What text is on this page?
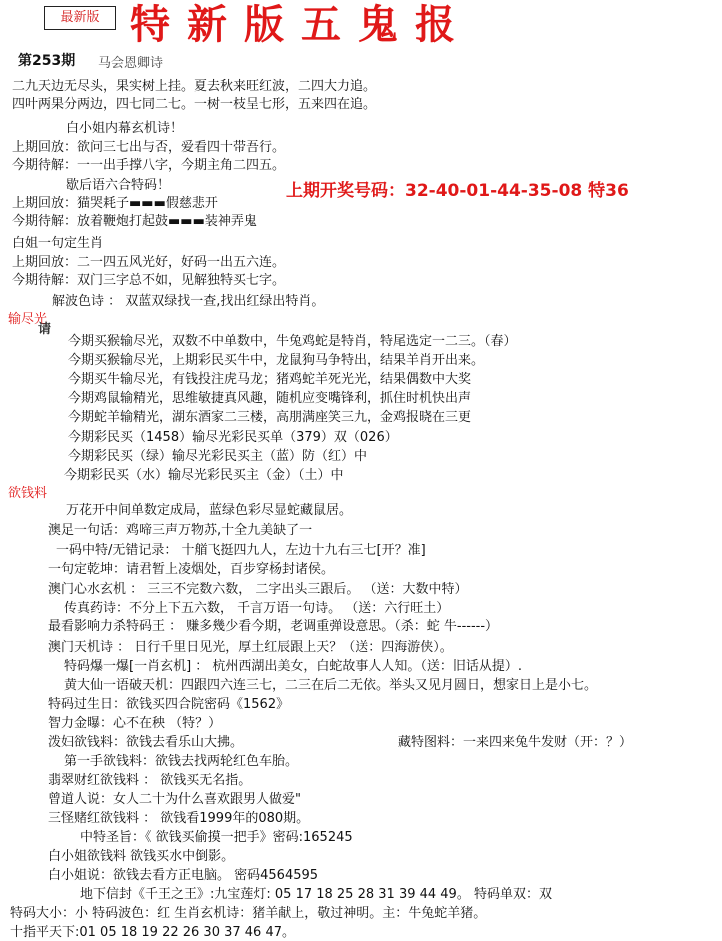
最新版 特新版五鬼报
第253期 马会恩卿诗
二九天边无尽头，果实树上挂。夏去秋来旺红波，二四大力追。
四叶两果分两边，四七同二七。一树一枝呈七形，五来四在追。
白小姐内幕玄机诗！
上期回放：欲问三七出与否，爱看四十带吾行。
今期待解：一一出手撑八字，今期主角二四五。
歇后语六合特码！
上期回放：猫哭耗子▬▬▬假慈悲开
今期待解：放着鞭炮打起鼓▬▬▬装神弄鬼
白姐一句定生肖
上期回放：二一四五风光好，好码一出五六连。
今期待解：双门三字总不如，见解独特买七字。
解波色诗 ： 双蓝双绿找一查,找出红绿出特肖。
上期开奖号码：32-40-01-44-35-08 特36
输尽光
请
今期买猴输尽光，双数不中单数中，牛兔鸡蛇是特肖，特尾选定一二三。（春）
今期买猴输尽光，上期彩民买牛中，龙鼠狗马争特出，结果羊肖开出来。
今期买牛输尽光，有钱投注虎马龙；猪鸡蛇羊死光光，结果偶数中大奖
今期鸡鼠输精光，思维敏捷真风趣，随机应变嘴锋利，抓住时机快出声
今期蛇羊输精光，湖东酒家二三楼，高朋满座笑三九，金鸡报晓在三更
今期彩民买（1458）输尽光彩民买单（379）双（026）
今期彩民买（绿）输尽光彩民买主（蓝）防（红）中
今期彩民买（水）输尽光彩民买主（金）（土）中
欲钱料
万花开中间单数定成局，蓝绿色彩尽显蛇藏鼠居。
澳足一句话：鸡啼三声万物苏,十全九美缺了一
一码中特/无错记录： 十艏飞挺四九人，左边十九右三七[开？准]
一句定乾坤：请君暂上凌烟处，百步穿杨封诸侯。
澳门心水玄机 ： 三三不完数六数， 二字出头三跟后。 （送：大数中特）
传真药诗：不分上下五六数， 千言万语一句诗。 （送：六行旺土）
最看影响力杀特码王 ： 赚多幾少看今期，老调重弹设意思。（杀：蛇 牛------）
澳门天机诗 ： 日行千里日见光，厚土红辰跟上天？（送：四海游侠）。
特码爆一爆[一肖玄机] ： 杭州西湖出美女，白蛇故事人人知。（送：旧话从提）.
黄大仙一语破天机：四跟四六连三七，二三在后二无依。举头又见月圆日，想家日上是小七。
特码过生日：欲钱买四合院密码《1562》
智力金曝：心不在秧 （特？）
泼妇欲钱料：欲钱去看乐山大拂。	藏特图料：一来四来兔牛发财（开：？）
第一手欲钱料：欲钱去找两轮红色车胎。
翡翠财红欲钱料 ： 欲钱买无名指。
曾道人说：女人二十为什么喜欢跟男人做爱"
三怪赌红欲钱料 ： 欲钱看1999年的080期。
中特圣旨：《 欲钱买偷摸一把手》密码:165245
白小姐欲钱料 欲钱买水中倒影。
白小姐说：欲钱去看方正电脑。 密码4564595
地下信封《千王之王》:九宝莲灯: 05 17 18 25 28 31 39 44 49。 特码单双：双
特码大小：小 特码波色：红 生肖玄机诗：猪羊献上，敬过神明。主：牛兔蛇羊猪。
十指平天下:01 05 18 19 22 26 30 37 46 47。
